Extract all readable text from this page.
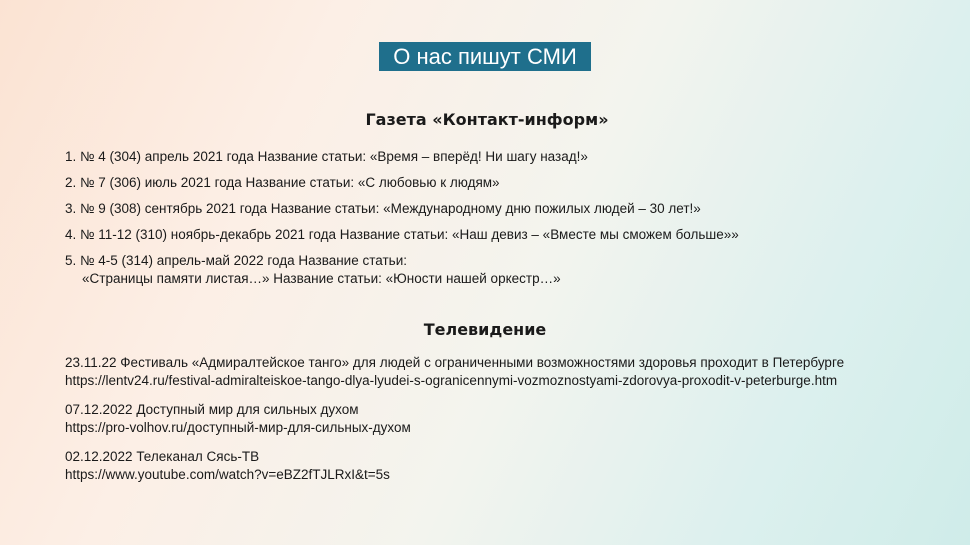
О нас пишут СМИ
Газета «Контакт-информ»
1. № 4 (304) апрель 2021 года Название статьи: «Время – вперёд! Ни шагу назад!»
2. № 7 (306) июль 2021 года Название статьи: «С любовью к людям»
3. № 9 (308) сентябрь 2021 года Название статьи: «Международному дню пожилых людей – 30 лет!»
4. № 11-12 (310) ноябрь-декабрь 2021 года Название статьи: «Наш девиз – «Вместе мы сможем больше»»
5. № 4-5 (314) апрель-май 2022 года Название статьи:
«Страницы памяти листая…» Название статьи: «Юности нашей оркестр…»
Телевидение
23.11.22 Фестиваль «Адмиралтейское танго» для людей с ограниченными возможностями здоровья проходит в Петербурге
https://lentv24.ru/festival-admiralteiskoe-tango-dlya-lyudei-s-ogranicennymi-vozmoznostyami-zdorovya-proxodit-v-peterburge.htm
07.12.2022 Доступный мир для сильных духом
https://pro-volhov.ru/доступный-мир-для-сильных-духом
02.12.2022 Телеканал Сясь-ТВ
https://www.youtube.com/watch?v=eBZ2fTJLRxI&t=5s
